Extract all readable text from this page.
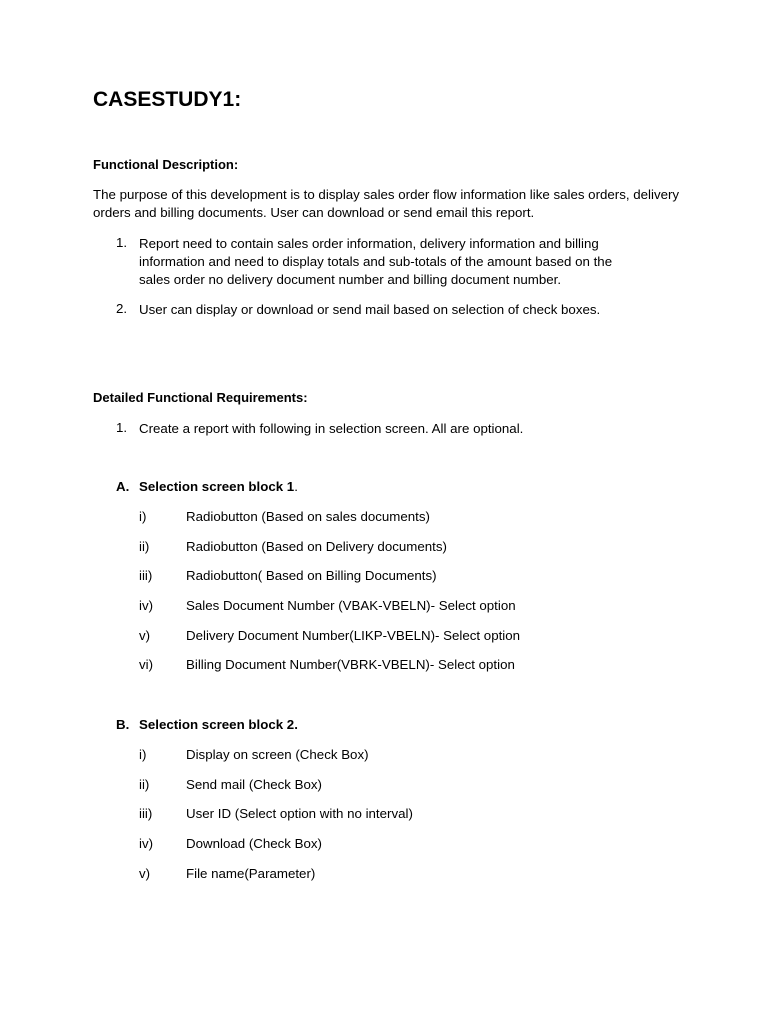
CASESTUDY1:
Functional Description:
The purpose of this development is to display sales order flow information like sales orders, delivery orders and billing documents. User can download or send email this report.
1. Report need to contain sales order information, delivery information and billing
information and need to display totals and sub-totals of the amount based on the
sales order no delivery document number and billing document number.
2. User can display or download or send mail based on selection of check boxes.
Detailed Functional Requirements:
1. Create a report with following in selection screen. All are optional.
A. Selection screen block 1.
i)	Radiobutton (Based on sales documents)
ii)	Radiobutton (Based on Delivery documents)
iii)	Radiobutton( Based on Billing Documents)
iv) Sales Document Number (VBAK-VBELN)- Select option
v)	Delivery Document Number(LIKP-VBELN)- Select option
vi) Billing Document Number(VBRK-VBELN)- Select option
B. Selection screen block 2.
i)	Display on screen (Check Box)
ii)	Send mail (Check Box)
iii)	User ID (Select option with no interval)
iv) Download (Check Box)
v)	File name(Parameter)
